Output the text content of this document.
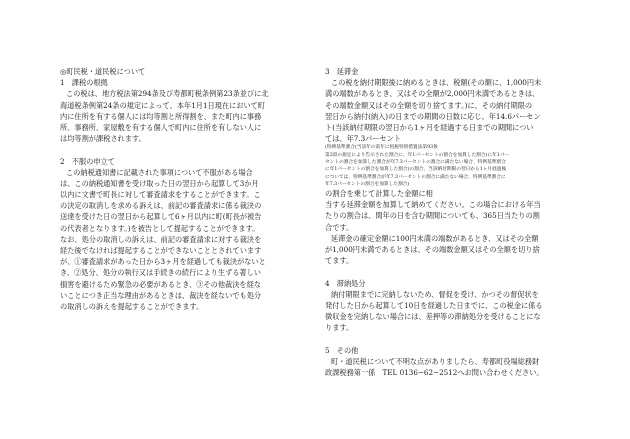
◎町民税・道民税について

1　課税の根拠

この税は、地方税法第294条及び寿都町税条例第23条並びに北

海道税条例第24条の規定によって、本年1月1日現在において町

内に住所を有する個人には均等割と所得割を、また町内に事務

所、事務所、家屋敷を有する個人で町内に住所を有しない人に

は均等割が課税されます。

2　不服の申立て

この納税通知書に記載された事項について不服がある場合

は、この納税通知書を受け取った日の翌日から起算して3か月

以内に文書で町長に対して審査請求をすることができます。こ

の決定の取消しを求める訴えは、前記の審査請求に係る裁決の

送達を受けた日の翌日から起算して6ヶ月以内に町(町長が被告

の代表者となります。)を被告として提起することができます。

なお、処分の取消しの訴えは、前記の審査請求に対する裁決を

経た後でなければ提起することができないこととされています

が、①審査請求があった日から3ヶ月を経過しても裁決がないと

き、②処分、処分の執行又は手続きの続行により生ずる著しい

損害を避けるため緊急の必要があるとき、③その他裁決を経な

いことにつき正当な理由があるときは、裁決を経ないでも処分

の取消しの訴えを提起することができます。

3　延滞金

この税を納付期限後に納めるときは、税額(その額に、1,000円未

満の端数があるとき、又はその全額が2,000円未満であるときは、

その端数金額又はその全額を切り捨てます。)に、その納付期限の

翌日から納付(納入)の日までの期間の日数に応じ、年14.6パーセン

ト(当該納付期限の翌日から1ヶ月を経過する日までの期間につい

ては、年7.3パーセント

(特例基準割合(当該年の前年に租税特別措置法第93条

第2項の規定により告示された割合に、年1パーセントの割合を加算した割合)に年1パー

セントの割合を加算した割合が年7.3パーセントの割合に満たない場合、特例基準割合

に年1パーセントの割合を加算した割合)の割合、当該納付期限の翌日から1ヶ月経過後

については、特例基準割合が年7.3パーセントの割合に満たない場合、特例基準割合に

年7.3パーセントの割合を加算した割合)

の割合を乗じて計算した金額に相

当する延滞金額を加算して納めてください。この場合における年当

たりの割合は、閏年の日を含む期間についても、365日当たりの割

合です。

延滞金の確定金額に100円未満の端数があるとき、又はその全額

が1,000円未満であるときは、その端数金額又はその全額を切り捨

てます。

4　滞納処分

納付期限までに完納しないため、督促を受け、かつその督促状を

発付した日から起算して10日を経過した日までに、この税金に係る

徴収金を完納しない場合には、差押等の滞納処分を受けることにな

ります。

5　その他

町・道民税について不明な点がありましたら、寿都町役場総務財

政課税務第一係　TEL 0136−62−2512へお問い合わせください。
